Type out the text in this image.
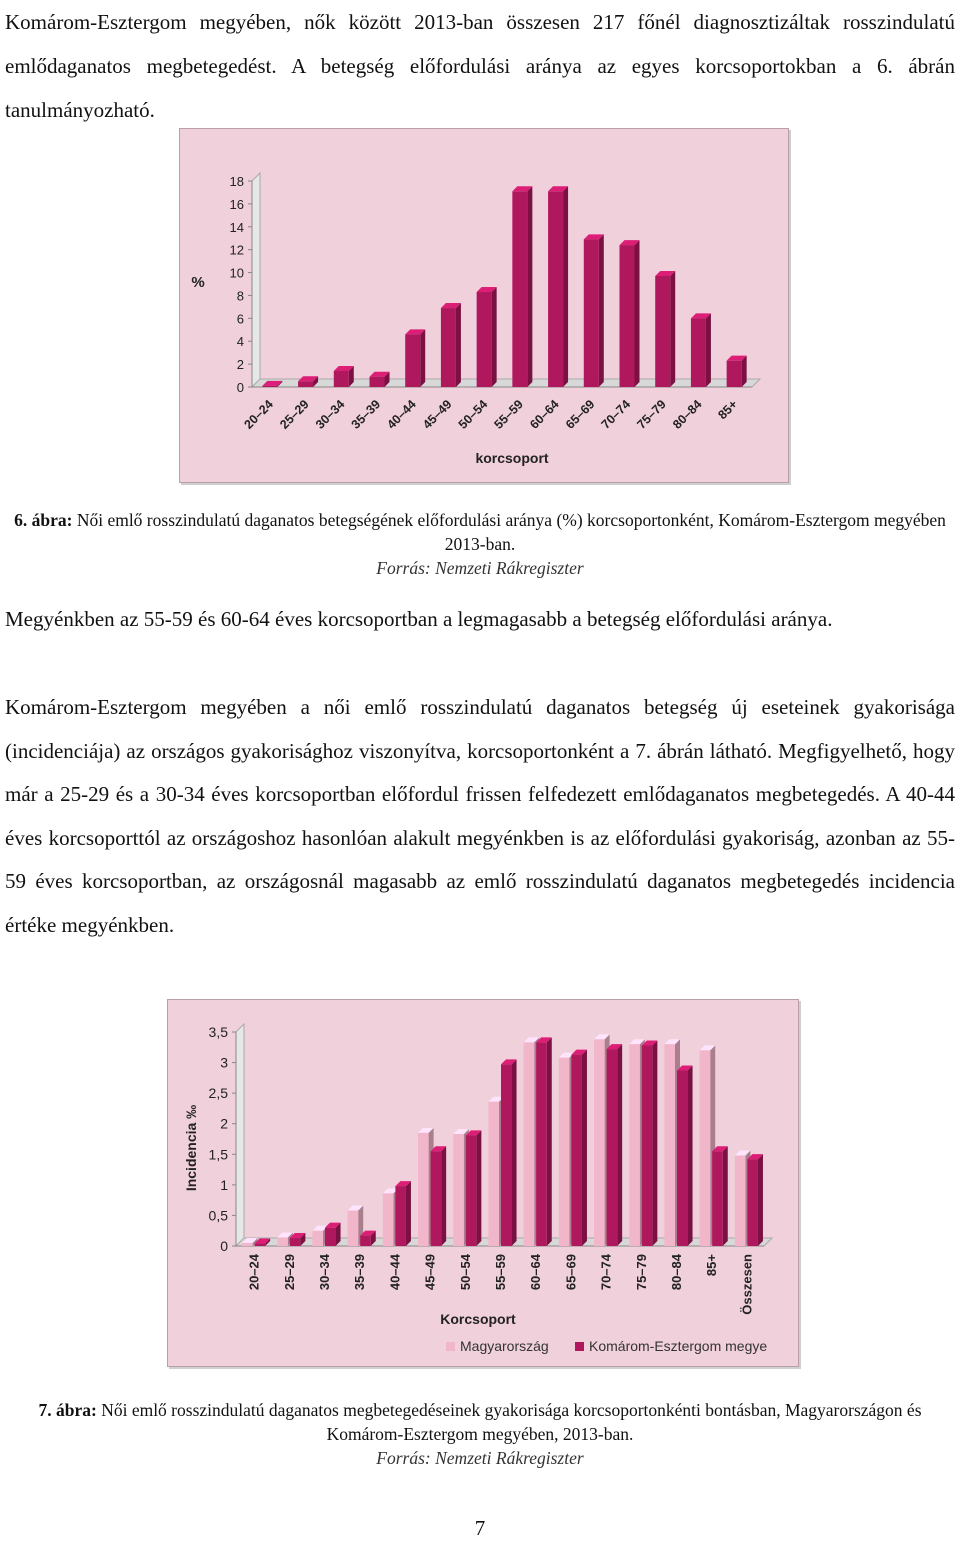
Komárom-Esztergom megyében, nők között 2013-ban összesen 217 főnél diagnosztizáltak rosszindulatú emlődaganatos megbetegedést. A betegség előfordulási aránya az egyes korcsoportokban a 6. ábrán tanulmányozható.
0
2
4
6
8
10
12
14
16
18
%
20–24 25–29 30–34 35–39 40–44 45–49 50–54 55–59 60–64 65–69 70–74 75–79 80–84 85+
korcsoport
6. ábra: Női emlő rosszindulatú daganatos betegségének előfordulási aránya (%) korcsoportonként, Komárom-Esztergom megyében 2013-ban.
Forrás: Nemzeti Rákregiszter
Megyénkben az 55-59 és 60-64 éves korcsoportban a legmagasabb a betegség előfordulási aránya.
Komárom-Esztergom megyében a női emlő rosszindulatú daganatos betegség új eseteinek gyakorisága (incidenciája) az országos gyakorisághoz viszonyítva, korcsoportonként a 7. ábrán látható. Megfigyelhető, hogy már a 25-29 és a 30-34 éves korcsoportban előfordul frissen felfedezett emlődaganatos megbetegedés. A 40-44 éves korcsoporttól az országoshoz hasonlóan alakult megyénkben is az előfordulási gyakoriság, azonban az 55-59 éves korcsoportban, az országosnál magasabb az emlő rosszindulatú daganatos megbetegedés incidencia értéke megyénkben.
0
0,5
1
1,5
2
2,5
3
3,5
Incidencia ‰
20–24 25–29 30–34 35–39 40–44 45–49 50–54 55–59 60–64 65–69 70–74 75–79 80–84 85+ Összesen
Korcsoport
Magyarország	Komárom-Esztergom megye
7. ábra: Női emlő rosszindulatú daganatos megbetegedéseinek gyakorisága korcsoportonkénti bontásban, Magyarországon és Komárom-Esztergom megyében, 2013-ban.
Forrás: Nemzeti Rákregiszter
7
